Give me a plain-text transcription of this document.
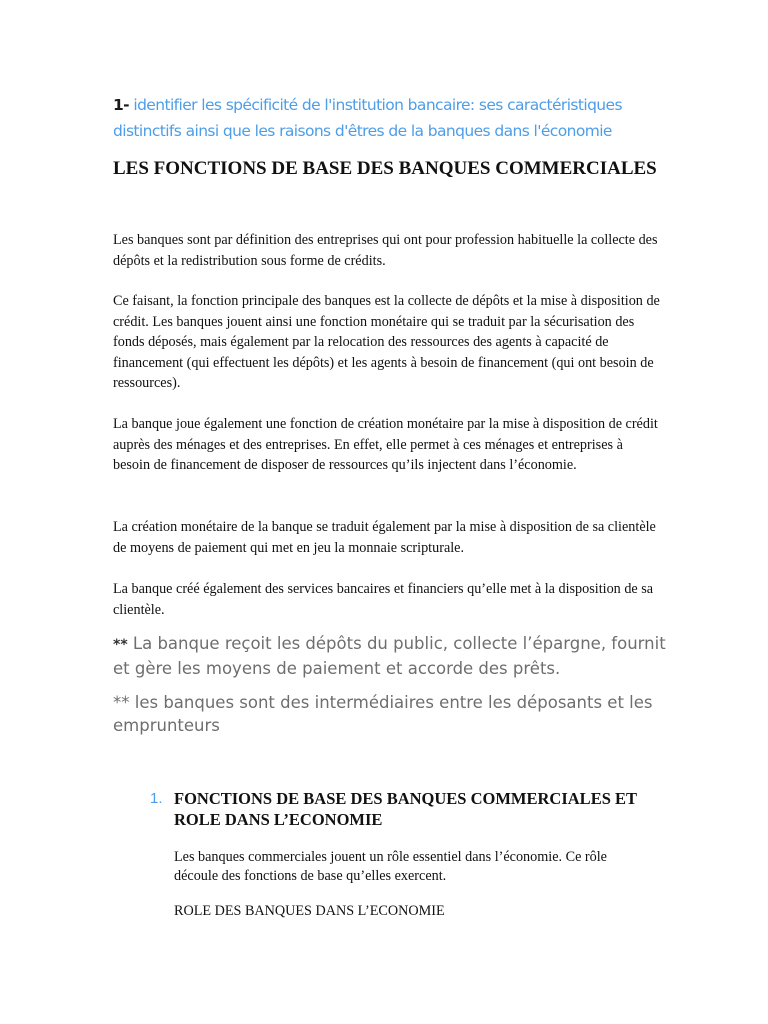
1- identifier les spécificité de l'institution bancaire: ses caractéristiques distinctifs ainsi que les raisons d'êtres de la banques dans l'économie
LES FONCTIONS DE BASE DES BANQUES COMMERCIALES

Les banques sont par définition des entreprises qui ont pour profession habituelle la collecte des dépôts et la redistribution sous forme de crédits.

Ce faisant, la fonction principale des banques est la collecte de dépôts et la mise à disposition de crédit. Les banques jouent ainsi une fonction monétaire qui se traduit par la sécurisation des fonds déposés, mais également par la relocation des ressources des agents à capacité de financement (qui effectuent les dépôts) et les agents à besoin de financement (qui ont besoin de ressources).

La banque joue également une fonction de création monétaire par la mise à disposition de crédit auprès des ménages et des entreprises. En effet, elle permet à ces ménages et entreprises à besoin de financement de disposer de ressources qu’ils injectent dans l’économie.

La création monétaire de la banque se traduit également par la mise à disposition de sa clientèle de moyens de paiement qui met en jeu la monnaie scripturale.

La banque créé également des services bancaires et financiers qu’elle met à la disposition de sa clientèle.

** La banque reçoit les dépôts du public, collecte l’épargne, fournit et gère les moyens de paiement et accorde des prêts.

** les banques sont des intermédiaires entre les déposants et les emprunteurs

1. FONCTIONS DE BASE DES BANQUES COMMERCIALES ET ROLE DANS L’ECONOMIE

Les banques commerciales jouent un rôle essentiel dans l’économie. Ce rôle découle des fonctions de base qu’elles exercent.

ROLE DES BANQUES DANS L’ECONOMIE
